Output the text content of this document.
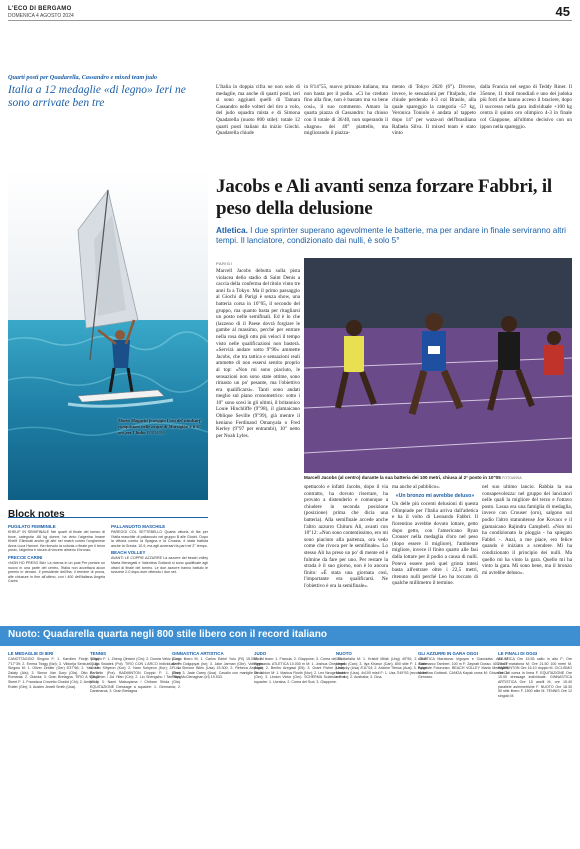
L'ECO DI BERGAMO
DOMENICA 4 AGOSTO 2024	45
Quarti posti per Quadarella, Cassandro e mixed team judo
Italia a 12 medaglie «di legno» Ieri ne sono arrivate ben tre
L'Italia in doppia cifra ne non solo di medaglie, ma anche di quarti posti, ieri si sono aggiunti quelli di Tamara Cassandro nelle volteri del tiro a volo, del judo squadra mista e di Simona Quadarella (nuoto 800 stile): totale 12 quarti posti italiani da inizio Giochi. Quadarella chiude
in 8'14"55, nuovo primato italiano, ma non basta per il podio. «Ci ho creduto fino alla fine, non è bastato ma va bene così», il suo commento. Amaro la quarta piazza di Cassandro: ha chiuso con il totale di 36/40, non superando il «bagno» dei 40° piattello, ma migliorando il piazza-
mento di Tokyo 2020 (6°). Diverse, invece, le sensazioni per l'Italjudo, che chiude perdendo 4-3 col Brasile, alla quale spareggio la categoria -57 kg, Veronica Toniolo è andata al tappeto dopo 14" per waza-ari dell'brasiliana Rafaela Silva. Il mixed team è stato vinto
dalla Francia nel segno di Teddy Riner. Il 35enne, 11 titoli mondiali e uno dei judoka più forti che hanno acceso il braciere, dopo il successo nella gara individuale +100 kg centra il quinto oro olimpico 4-3 in finale col Giappone, all'ultimo decisivo con un ippon nella spareggio.
Marta Maggetti festeggia l'oro del windsurf conquistato nelle acque di Marsiglia: è il 6° oro per l'Italia FOTOANSA
Jacobs e Ali avanti senza forzare Fabbri, il peso della delusione
Atletica. I due sprinter superano agevolmente le batterie, ma per andare in finale serviranno altri tempi. Il lanciatore, condizionato dai nulli, è solo 5°
PARIGI
Marcell Jacobs debutta sulla pista violacea dello stadio di Saint Denis a caccia della conferma del titolo vinto tre anni fa a Tokyo. Ma il primo passaggio al Giochi di Parigi è senza show, una batteria corsa in 10"05, il secondo del gruppo, ma quanto basta per ritagliarsi un posto nelle semifinali. Ed è lo che (lazzeno di il Paese dovrà forgiare le gambe al massimo, perché per entrare nella rosa degli otto più veloci il tempo visto nelle qualificazioni non basterà. «Servirà andare sotto 9"90» ammette Jacobs, che tra tattica e sensazioni reali ammette di non essersi sentito proprio al top: «Non mi sono piaciuto, le sensazioni non sono state ottime, sono rimasto un po' pesante, ma l'obiettivo era qualificarsi». Tanti sono andati meglio sul piano cronometrico: sotto i 10" sono scesi in gli ultimi, il britannico Louie Hinchliffe (9"98), il giamaicano Oblique Seville (9"99), già mentre il keniano Ferdinand Omanyala o Fred Kerley (9"97 per entrambi), 10" netto per Noah Lyles.
Marcell Jacobs (al centro) durante la sua batteria dei 100 metri, chiusa al 2° posto in 10"05 FOTOANSA
spettacolo e infatti Jacobs, dopo il via contratto, ha dovuto riserrare, ha provato a distenderlo e comunque a chiudere in seconda posizione (posizione) prima che dicia una batteria). Alla semifinale accede anche l'altro azzurro Chituru Ali, avanti con 10"12: «Non sono contentissimo, ero mi sono piaciuto alla partenza, ora vedo come che rivoca per le semifinale». Lo stesso Ali ha preso un po' di mente ed è fulmine da fare per uno. Per restare la strada è il suo giorno, non è lo ancora finito: «È stata una giornata così, l'importante era qualificarsi. Ne l'obiettivo è ora la semifinale».
ma anche al pubblico».
«Un bronzo mi avrebbe deluso»
Un delle più cocenti delusioni di questa Olimpiade per l'Italia arriva dall'atletica e ha il volto di Leonardo Fabbri. Il fiorentino avrebbe dovuto lottare, getto dopo getto, con l'americano Ryan Crouser nella medaglia d'oro nel peso (dopo essere il migliore), l'ambiente migliore, invece il finito quarto alle fasi dalla lottare per il podio a causa di nulli. Poteva essere però quel grinta intesi basta all'entrare oltre i 22,5 metri, ritenuto nulli perché Leo ha toccato di qualche millimetro il termine.
nel suo ultimo lancio. Rabbia la sua consapevolezza: nel gruppo dei lanciatori nelle quali la migliore del terzo e l'ottavo posto. Lasua era una famiglia di medaglia, invece con Crouser (oro), salgono sul podio l'altro statunitense Joe Kovacs e il giamaicano Rajindra Campbell. «Non mi ha condizionato la pioggia - ha spiegato Fabbri -. Anzi, a me piace, ero felice quando è iniziato a scendere. Mi ha condizionato il principio dei nulli. Ma quello mi ha vinto la gara. Quello mi ha vinto la gara. Mi sono bene, ma il bronzo mi avrebbe deluso».
Block notes
PUGILATO FEMMINILE
KHELIF IN SEMIFINALE Nei quarti di finale del torneo di boxe, categoria -66 kg donne, ha vinto l'algerina Imane Khelif. Eliminati anche gli altri nei match contro l'ungherese Anna Luca Hamori. Ha ricevuto la colonia o finale per il terzo posto, l'algerina è sicura di vincere almeno il bronzo.
FRECCE CARINI
«NON HO PRESO BA» La ricerca in un post Per portare un nuovo in una parte del centro, l'Italia non accettava alcun premio in denaro. Il presidente dell'Iba, il termine di prova, alle chiusure in fine all'ultimo, con i 400 dell'italiana Angela Carini.
PALLANUOTO MASCHILE
PAREGGI COL SETTEBELLO Quarta vittoria di fila per l'Italia maschile di pallanuoto nel gruppo B alle Giochi. Dopo la vittoria contro la Spagna e la Croazia, è stata battuta anche la Grecia: 10-9, ma agli avversari fa pari nel 2° tempo.
BEACH VOLLEY
AVANTI LE COPPIE AZZURRE La azzurre del beach volley Marta Menegatti e Valentina Gottardi si sono qualificate agli ottavi di finale del torneo. Le due azzurre hanno battuto le svizzere 2-0 dopo aver ottenuto i due set.
Nuoto: Quadarella quarta negli 800 stile libero con il record italiano
LE MEDAGLIE DI IERI
CANOTTAGGIO Singolo F: 1. Karolien Florijn (Ola) 7'17"39; 2. Emma Twigg (Nzl); 3. Viktorija Senkute (Lit). Singolo M: 1. Oliver Zeidler (Ger) 6'37"66; 2. Yauheni Zalaty (Ais); 3. Simon Van Dorp (Ola). Otto F: 1. Romania; 2. Olanda; 3. Gran Bretagna. TIRO A VOLO Skeet F: 1. Francisca Crovetto Chadid (Chi); 2. Amber Jo Rutter (Gbr); 3. Austen Jewell Smith (Usa).
TENNIS
Singolo F: 1. Zheng Qinwen (Cin); 2. Donna Vekic (Cro); 3. Iga Swiatek (Pol). TIRO CON L'ARCO Individuale F: 1. Lim Sihyeon (Kor); 2. Nam Suhyeon (Kor); 3. Lisa Barbelin (Fra). BADMINTON Doppio F: 1. Chen Qingchen / Jia Yifan (Cin); 2. Liu Shengshu / Tan Ning (Cin); 3. Nami Matsuyama / Chiharu Shida (Gia). EQUITAZIONE Dressage a squadre: 1. Germania; 2. Danimarca; 3. Gran Bretagna.
GINNASTICA ARTISTICA
Corpo libero M: 1. Carlos Edriel Yulo (Fil) 15.000; 2. Artem Dolgopyat (Isr); 3. Jake Jarman (Gbr). Volteggio F: 1. Simone Biles (Usa) 15.300; 2. Rebeca Andrade (Bra); 3. Jade Carey (Usa). Cavallo con maniglie M: 1. Rhys McClenaghan (Irl) 15.533.
JUDO
Mixed team: 1. Francia; 2. Giappone; 3. Corea del Sud, Germania. ATLETICA 10.000 m M: 1. Joshua Cheptegei (Uga); 2. Berihu Aregawi (Eti); 3. Grant Fisher (Usa). Decathlon M: 1. Markus Rooth (Nor); 2. Leo Neugebauer (Ger); 3. Lindon Victor (Grn). SCHERMA Sciabola F a squadre: 1. Ucraina; 2. Corea del Sud; 3. Giappone.
NUOTO
100 farfalla M: 1. Kristóf Milák (Ung) 49"90; 2. Josh Liendo (Can); 3. Ilya Kharun (Can). 800 stile F: 1. Katie Ledecky (Usa) 8'11"04; 2. Ariarne Titmus (Aus); 3. Paige Madden (Usa). 4x100 misti F: 1. Usa 3'49"63 (record del mondo); 2. Australia; 3. Cina.
GLI AZZURRI IN GARA OGGI
ATLETICA Maratona: Irigoyen e Cianciotta. Alto M: Gianmarco Tamberi. 100 m F: Zaynab Dosso. 400 ost F: Ayomide Folorunso. BEACH VOLLEY Marta Menegatti, Valentina Gottardi. CANOA Kayak cross M: Giovanni De Gennaro.
LE FINALI DI OGGI
ATLETICA Ore 15.55 salto in alto F; Ore 20.45 maratona M; Ore 21.50 100 metri M. BADMINTON Ore 16.10 doppio M. CICLISMO Ore 14 corsa in linea F. EQUITAZIONE Ore 10.00 dressage individuale. GINNASTICA ARTISTICA Ore 15 anelli M, ore 15.40 parallele asimmetriche F. NUOTO Ore 18.30 50 stile libero F, 1500 stile M. TENNIS Ore 12 singolo M.
